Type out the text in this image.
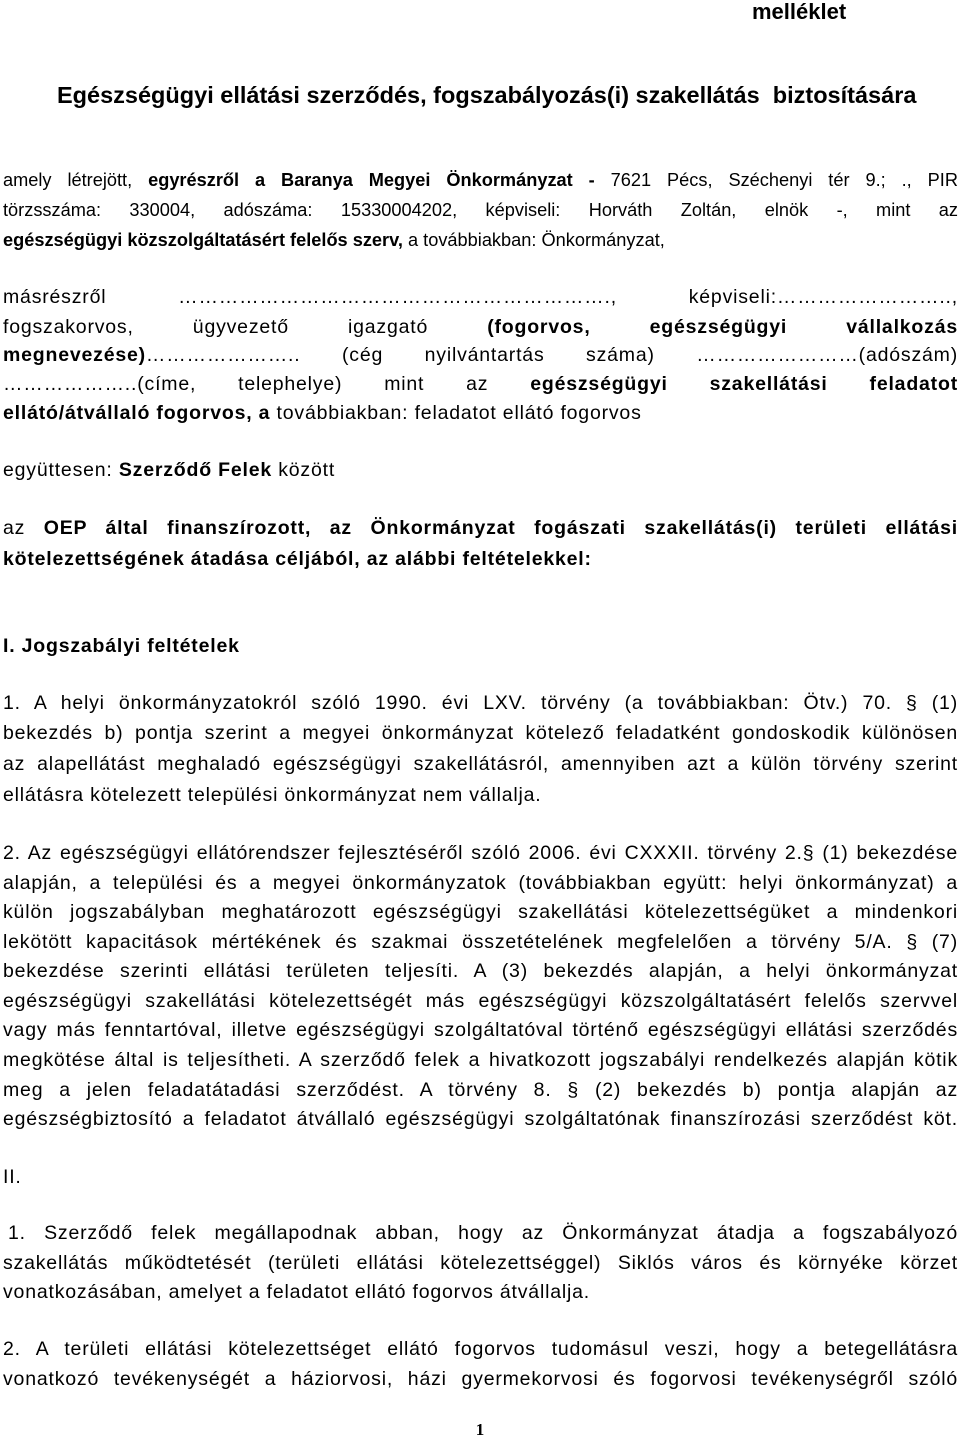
melléklet
Egészségügyi ellátási szerződés, fogszabályozás(i) szakellátás  biztosítására
amely létrejött, egyrészről a Baranya Megyei Önkormányzat - 7621 Pécs, Széchenyi tér 9.; ., PIR
törzsszáma: 330004, adószáma: 15330004202, képviseli: Horváth Zoltán, elnök -, mint az
egészségügyi közszolgáltatásért felelős szerv, a továbbiakban: Önkormányzat,
másrészről ………………………………………………………., képviseli:……………………..,
fogszakorvos, ügyvezető igazgató (fogorvos, egészségügyi vállalkozás
megnevezése)………………….. (cég nyilvántartás száma) ……………………(adószám)
………………..(címe, telephelye) mint az egészségügyi szakellátási feladatot
ellátó/átvállaló fogorvos, a továbbiakban: feladatot ellátó fogorvos
együttesen: Szerződő Felek között
az OEP által finanszírozott, az Önkormányzat fogászati szakellátás(i) területi ellátási
kötelezettségének átadása céljából, az alábbi feltételekkel:
I. Jogszabályi feltételek
1. A helyi önkormányzatokról szóló 1990. évi LXV. törvény (a továbbiakban: Ötv.) 70. § (1)
bekezdés b) pontja szerint a megyei önkormányzat kötelező feladatként gondoskodik különösen
az alapellátást meghaladó egészségügyi szakellátásról, amennyiben azt a külön törvény szerint
ellátásra kötelezett települési önkormányzat nem vállalja.
2. Az egészségügyi ellátórendszer fejlesztéséről szóló 2006. évi CXXXII. törvény 2.§ (1) bekezdése
alapján, a települési és a megyei önkormányzatok (továbbiakban együtt: helyi önkormányzat) a
külön jogszabályban meghatározott egészségügyi szakellátási kötelezettségüket a mindenkori
lekötött kapacitások mértékének és szakmai összetételének megfelelően a törvény 5/A. § (7)
bekezdése szerinti ellátási területen teljesíti. A (3) bekezdés alapján, a helyi önkormányzat
egészségügyi szakellátási kötelezettségét más egészségügyi közszolgáltatásért felelős szervvel
vagy más fenntartóval, illetve egészségügyi szolgáltatóval történő egészségügyi ellátási szerződés
megkötése által is teljesítheti. A szerződő felek a hivatkozott jogszabályi rendelkezés alapján kötik
meg a jelen feladatátadási szerződést. A törvény 8. § (2) bekezdés b) pontja alapján az
egészségbiztosító a feladatot átvállaló egészségügyi szolgáltatónak finanszírozási szerződést köt.
II.
1. Szerződő felek megállapodnak abban, hogy az Önkormányzat átadja a fogszabályozó
szakellátás működtetését (területi ellátási kötelezettséggel) Siklós város és környéke körzet
vonatkozásában, amelyet a feladatot ellátó fogorvos átvállalja.
2. A területi ellátási kötelezettséget ellátó fogorvos tudomásul veszi, hogy a betegellátásra
vonatkozó tevékenységét a háziorvosi, házi gyermekorvosi és fogorvosi tevékenységről szóló
1
